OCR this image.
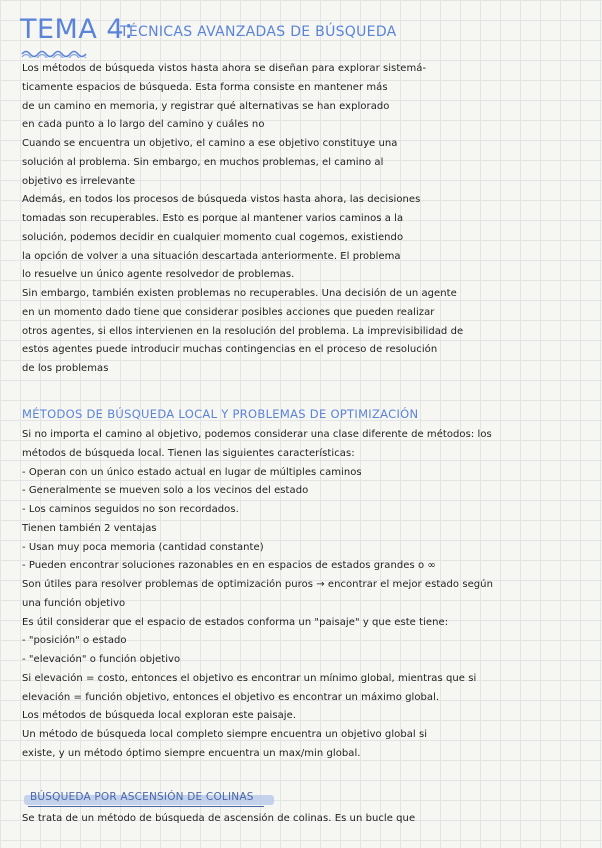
TEMA 4:
TÉCNICAS AVANZADAS DE BÚSQUEDA
Los métodos de búsqueda vistos hasta ahora se diseñan para explorar sistemá-
ticamente espacios de búsqueda. Esta forma consiste en mantener más
de un camino en memoria, y registrar qué alternativas se han explorado
en cada punto a lo largo del camino y cuáles no
Cuando se encuentra un objetivo, el camino a ese objetivo constituye una
solución al problema. Sin embargo, en muchos problemas, el camino al
objetivo es irrelevante
Además, en todos los procesos de búsqueda vistos hasta ahora, las decisiones
tomadas son recuperables. Esto es porque al mantener varios caminos a la
solución, podemos decidir en cualquier momento cual cogemos, existiendo
la opción de volver a una situación descartada anteriormente. El problema
lo resuelve un único agente resolvedor de problemas.
Sin embargo, también existen problemas no recuperables. Una decisión de un agente
en un momento dado tiene que considerar posibles acciones que pueden realizar
otros agentes, si ellos intervienen en la resolución del problema. La imprevisibilidad de
estos agentes puede introducir muchas contingencias en el proceso de resolución
de los problemas
MÉTODOS DE BÚSQUEDA LOCAL Y PROBLEMAS DE OPTIMIZACIÓN
Si no importa el camino al objetivo, podemos considerar una clase diferente de métodos: los
métodos de búsqueda local. Tienen las siguientes características:
- Operan con un único estado actual en lugar de múltiples caminos
- Generalmente se mueven solo a los vecinos del estado
- Los caminos seguidos no son recordados.
Tienen también 2 ventajas
- Usan muy poca memoria (cantidad constante)
- Pueden encontrar soluciones razonables en en espacios de estados grandes o ∞
Son útiles para resolver problemas de optimización puros → encontrar el mejor estado según
una función objetivo
Es útil considerar que el espacio de estados conforma un "paisaje" y que este tiene:
- "posición" o estado
- "elevación" o función objetivo
Si elevación = costo, entonces el objetivo es encontrar un mínimo global, mientras que si
elevación = función objetivo, entonces el objetivo es encontrar un máximo global.
Los métodos de búsqueda local exploran este paisaje.
Un método de búsqueda local completo siempre encuentra un objetivo global si
existe, y un método óptimo siempre encuentra un max/min global.
BÚSQUEDA POR ASCENSIÓN DE COLINAS
Se trata de un método de búsqueda de ascensión de colinas. Es un bucle que
